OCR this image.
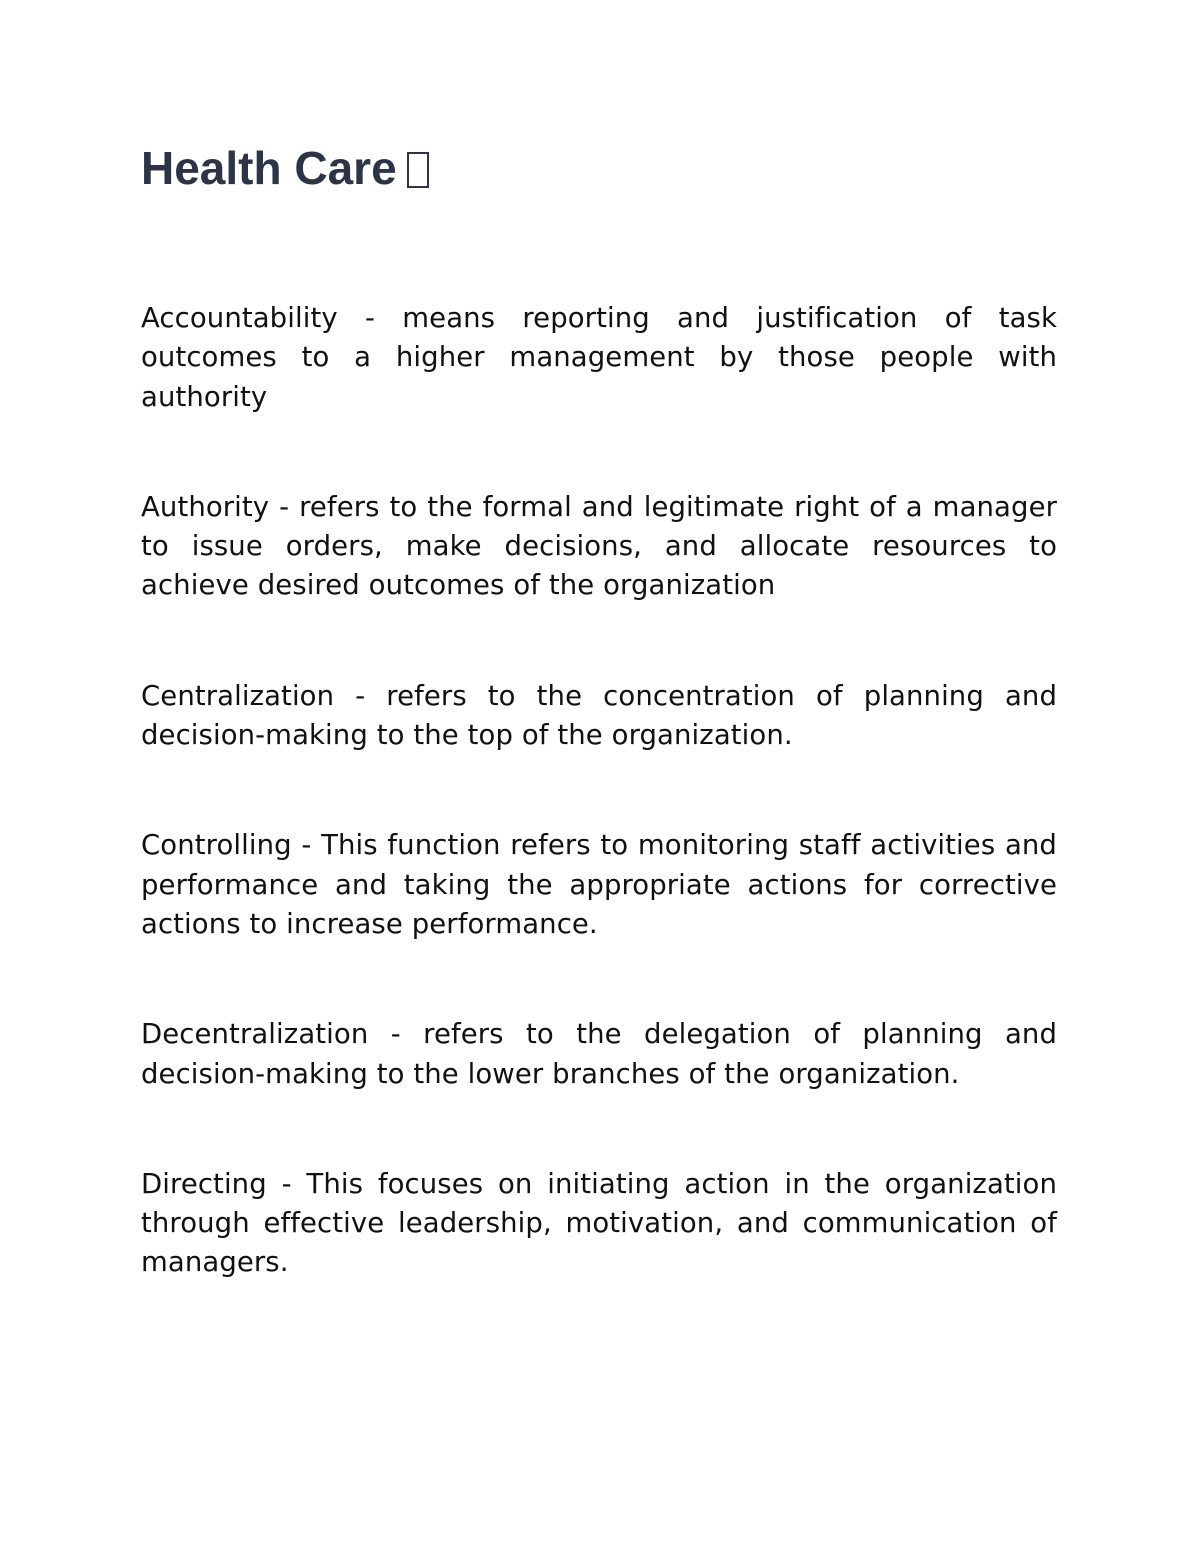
Health Care

Accountability - means reporting and justification of task outcomes to a higher management by those people with authority

Authority - refers to the formal and legitimate right of a manager to issue orders, make decisions, and allocate resources to achieve desired outcomes of the organization

Centralization - refers to the concentration of planning and decision-making to the top of the organization.

Controlling - This function refers to monitoring staff activities and performance and taking the appropriate actions for corrective actions to increase performance.

Decentralization - refers to the delegation of planning and decision-making to the lower branches of the organization.

Directing - This focuses on initiating action in the organization through effective leadership, motivation, and communication of managers.
